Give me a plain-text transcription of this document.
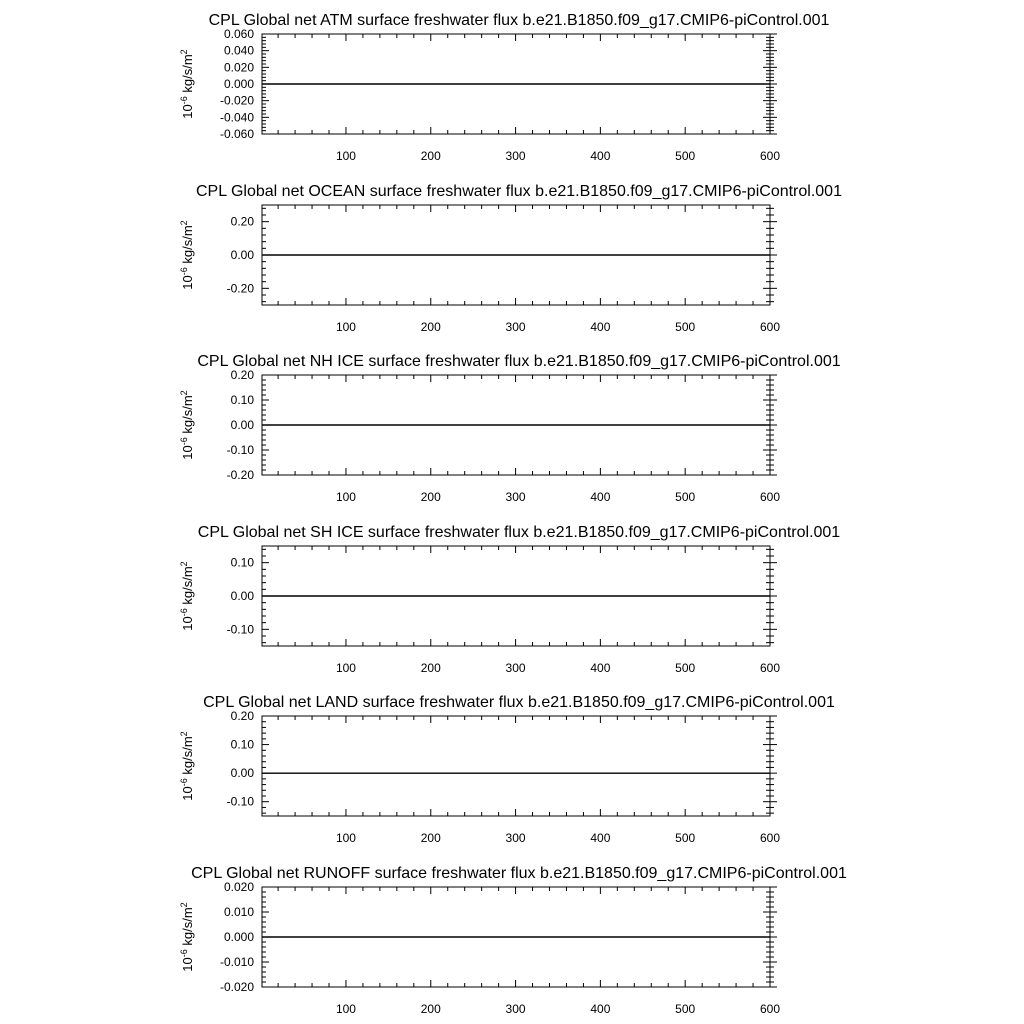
CPL Global net ATM surface freshwater flux b.e21.B1850.f09_g17.CMIP6-piControl.001
$10^{-6}$ $kg/s/m^2$
100	200	300	400	500	600
-0.060
-0.040
-0.020
0.000
0.020
0.040
0.060
CPL Global net OCEAN surface freshwater flux b.e21.B1850.f09_g17.CMIP6-piControl.001
$10^{-6}$ $kg/s/m^2$
100	200	300	400	500	600
-0.20
0.00
0.20
CPL Global net NH ICE surface freshwater flux b.e21.B1850.f09_g17.CMIP6-piControl.001
$10^{-6}$ $kg/s/m^2$
100	200	300	400	500	600
-0.20
-0.10
0.00
0.10
0.20
CPL Global net SH ICE surface freshwater flux b.e21.B1850.f09_g17.CMIP6-piControl.001
$10^{-6}$ $kg/s/m^2$
100	200	300	400	500	600
-0.10
0.00
0.10
CPL Global net LAND surface freshwater flux b.e21.B1850.f09_g17.CMIP6-piControl.001
$10^{-6}$ $kg/s/m^2$
100	200	300	400	500	600
-0.10
0.00
0.10
0.20
CPL Global net RUNOFF surface freshwater flux b.e21.B1850.f09_g17.CMIP6-piControl.001
$10^{-6}$ $kg/s/m^2$
100	200	300	400	500	600
-0.020
-0.010
0.000
0.010
0.020
